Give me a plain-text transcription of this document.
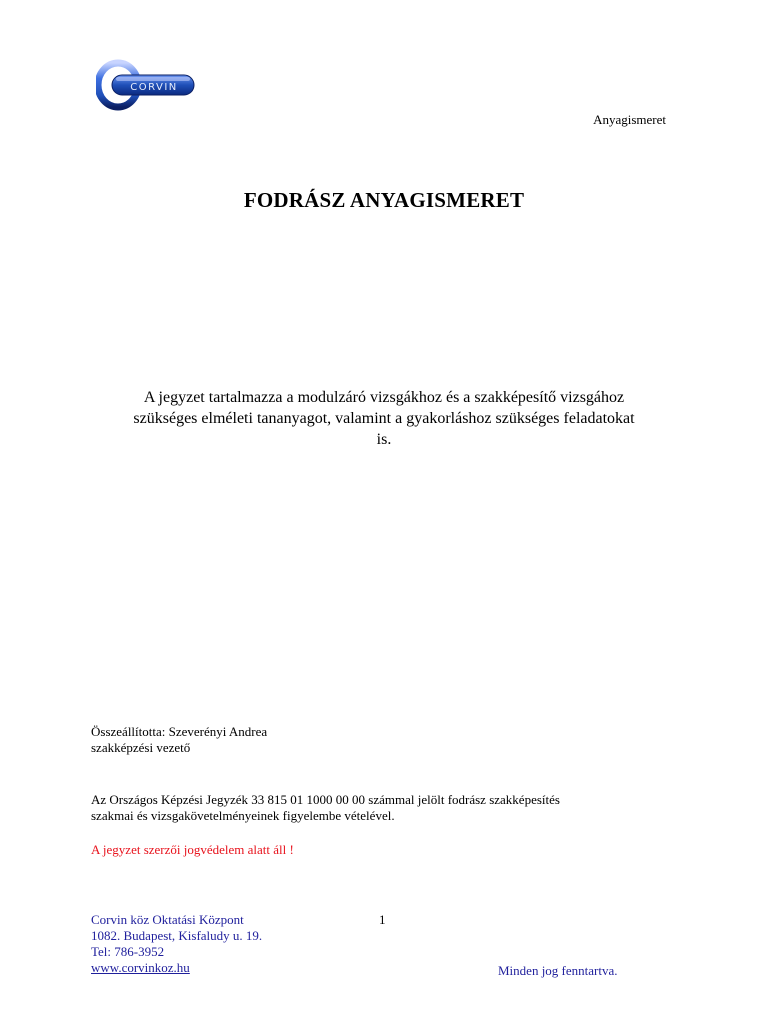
CORVIN
Anyagismeret
FODRÁSZ ANYAGISMERET
A jegyzet tartalmazza a modulzáró vizsgákhoz és a szakképesítő vizsgához
szükséges elméleti tananyagot, valamint a gyakorláshoz szükséges feladatokat
is.
Összeállította: Szeverényi Andrea
szakképzési vezető
Az Országos Képzési Jegyzék 33 815 01 1000 00 00 számmal jelölt fodrász szakképesítés
szakmai és vizsgakövetelményeinek figyelembe vételével.
A jegyzet szerzői jogvédelem alatt áll !
Corvin köz Oktatási Központ
1082. Budapest, Kisfaludy u. 19.
Tel: 786-3952
www.corvinkoz.hu
1
Minden jog fenntartva.
